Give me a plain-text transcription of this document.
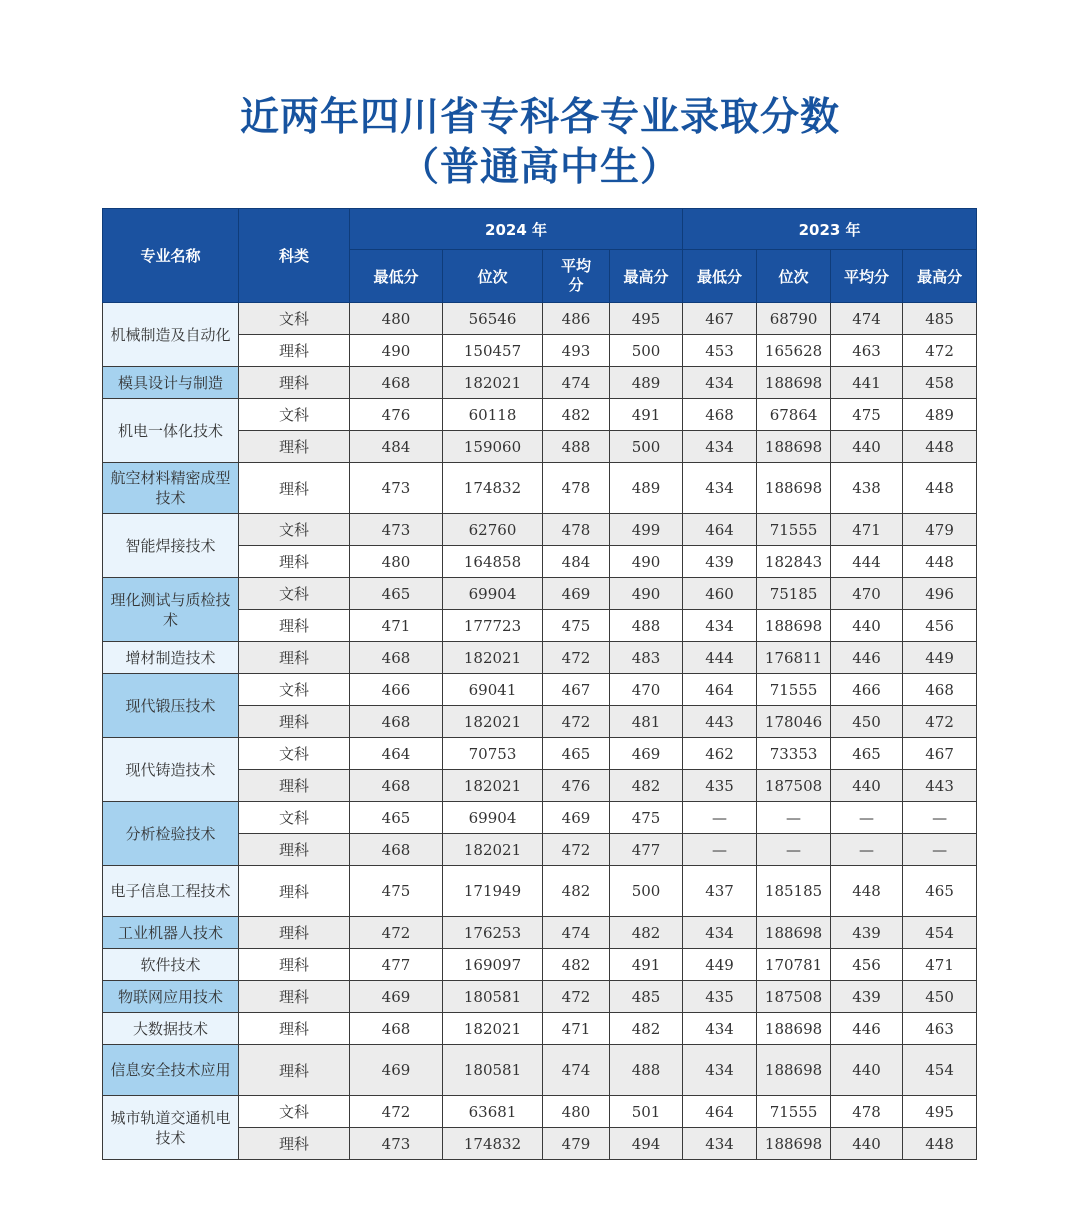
近两年四川省专科各专业录取分数
（普通高中生）
专业名称	科类	2024 年				2023 年			
		最低分	位次	平均分	最高分	最低分	位次	平均分	最高分
机械制造及自动化	文科	480	56546	486	495	467	68790	474	485
	理科	490	150457	493	500	453	165628	463	472
模具设计与制造	理科	468	182021	474	489	434	188698	441	458
机电一体化技术	文科	476	60118	482	491	468	67864	475	489
	理科	484	159060	488	500	434	188698	440	448
航空材料精密成型技术	理科	473	174832	478	489	434	188698	438	448
智能焊接技术	文科	473	62760	478	499	464	71555	471	479
	理科	480	164858	484	490	439	182843	444	448
理化测试与质检技术	文科	465	69904	469	490	460	75185	470	496
	理科	471	177723	475	488	434	188698	440	456
增材制造技术	理科	468	182021	472	483	444	176811	446	449
现代锻压技术	文科	466	69041	467	470	464	71555	466	468
	理科	468	182021	472	481	443	178046	450	472
现代铸造技术	文科	464	70753	465	469	462	73353	465	467
	理科	468	182021	476	482	435	187508	440	443
分析检验技术	文科	465	69904	469	475	—	—	—	—
	理科	468	182021	472	477	—	—	—	—
电子信息工程技术	理科	475	171949	482	500	437	185185	448	465
工业机器人技术	理科	472	176253	474	482	434	188698	439	454
软件技术	理科	477	169097	482	491	449	170781	456	471
物联网应用技术	理科	469	180581	472	485	435	187508	439	450
大数据技术	理科	468	182021	471	482	434	188698	446	463
信息安全技术应用	理科	469	180581	474	488	434	188698	440	454
城市轨道交通机电技术	文科	472	63681	480	501	464	71555	478	495
	理科	473	174832	479	494	434	188698	440	448
